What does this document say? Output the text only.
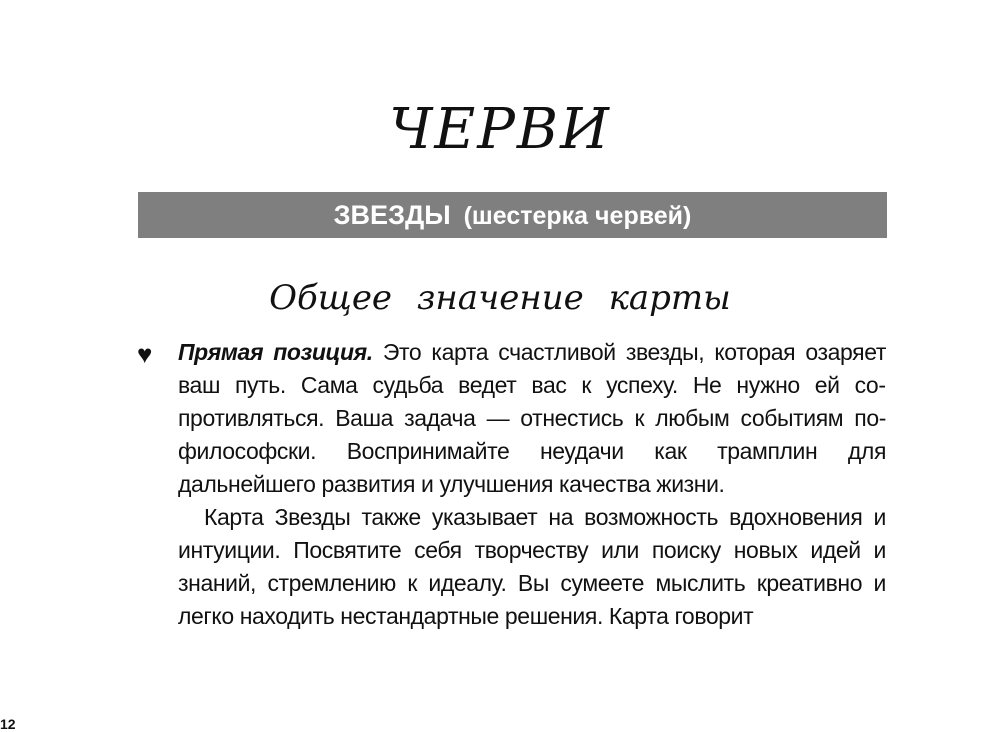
ЧЕРВИ
ЗВЕЗДЫ (шестерка червей)
Общее значение карты
♥ Прямая позиция. Это карта счастливой звезды, которая озаряет ваш путь. Сама судьба ведет вас к успеху. Не нужно ей сопротивляться. Ваша задача — отнестись к любым событиям по-философски. Воспринимайте неудачи как трамплин для дальнейшего развития и улучшения качества жизни.

Карта Звезды также указывает на возможность вдохновения и интуиции. Посвятите себя творчеству или поиску новых идей и знаний, стремлению к идеалу. Вы сумеете мыслить креативно и легко находить нестандартные решения. Карта говорит

12
